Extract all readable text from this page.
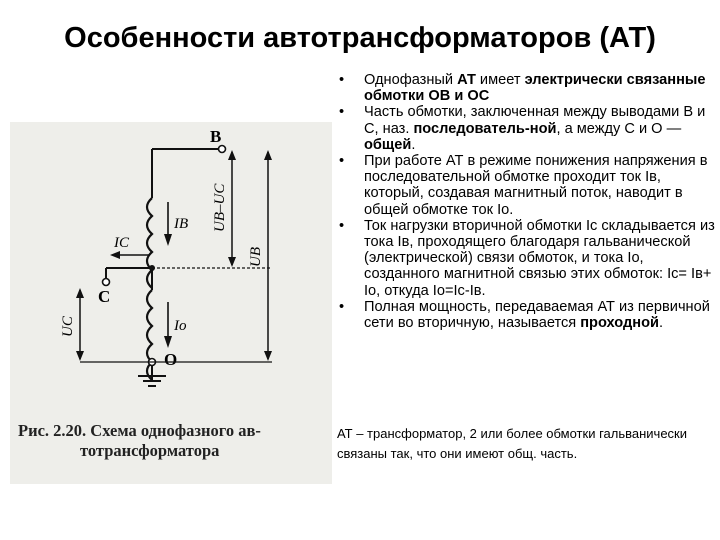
Особенности автотрансформаторов (АТ)
В
IВ
С
IС
Iо
О
UВ–UС
UВ
UС
Рис. 2.20. Схема однофазного ав-
тотрансформатора
• Однофазный АТ имеет электрически связанные обмотки ОВ и ОС
• Часть обмотки, заключенная между выводами В и С, наз. последователь-ной, а между С и О — общей.
• При работе АТ в режиме понижения напряжения в последовательной обмотке проходит ток Iв, который, создавая магнитный поток, наводит в общей обмотке ток Iо.
• Ток нагрузки вторичной обмотки Iс складывается из тока Iв, проходящего благодаря гальванической (электрической) связи обмоток, и тока Iо, созданного магнитной связью этих обмоток: Iс= Iв+ Iо, откуда Iо=Iс-Iв.
• Полная мощность, передаваемая АТ из первичной сети во вторичную, называется проходной.
АТ – трансформатор, 2 или более обмотки гальванически связаны так, что они имеют общ. часть.
